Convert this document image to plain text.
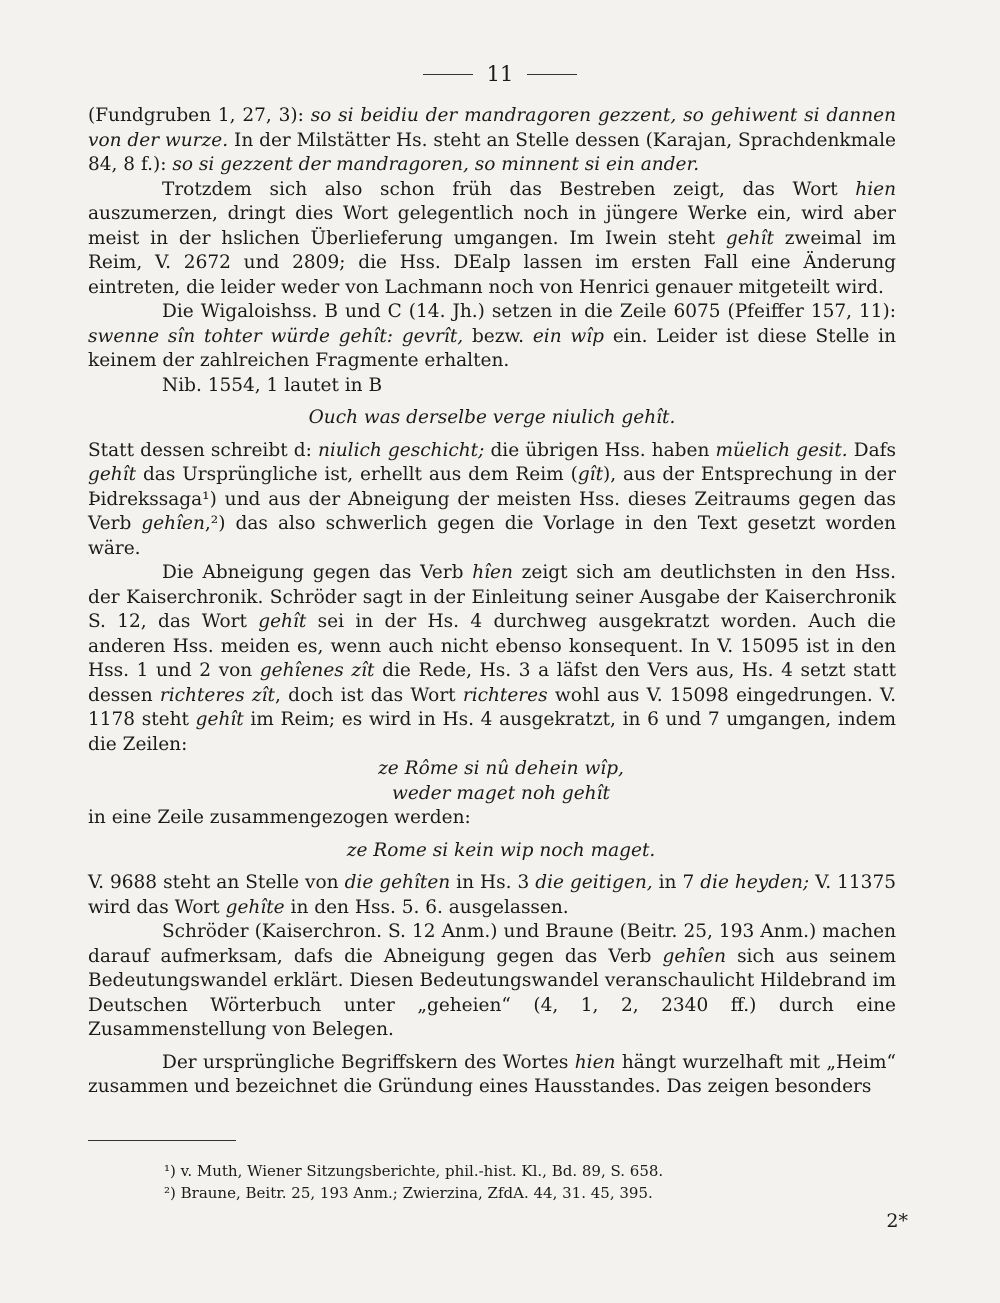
11

(Fundgruben 1, 27, 3): so si beidiu der mandragoren gezzent, so gehiwent si dannen von der wurze. In der Milstätter Hs. steht an Stelle dessen (Karajan, Sprachdenkmale 84, 8 f.): so si gezzent der mandragoren, so minnent si ein ander.

Trotzdem sich also schon früh das Bestreben zeigt, das Wort hien auszumerzen, dringt dies Wort gelegentlich noch in jüngere Werke ein, wird aber meist in der hslichen Überlieferung umgangen. Im Iwein steht gehît zweimal im Reim, V. 2672 und 2809; die Hss. DEalp lassen im ersten Fall eine Änderung eintreten, die leider weder von Lachmann noch von Henrici genauer mitgeteilt wird.

Die Wigaloishss. B und C (14. Jh.) setzen in die Zeile 6075 (Pfeiffer 157, 11): swenne sîn tohter würde gehît: gevrît, bezw. ein wîp ein. Leider ist diese Stelle in keinem der zahlreichen Fragmente erhalten.

Nib. 1554, 1 lautet in B

Ouch was derselbe verge niulich gehît.

Statt dessen schreibt d: niulich geschicht; die übrigen Hss. haben müelich gesit. Dafs gehît das Ursprüngliche ist, erhellt aus dem Reim (gît), aus der Entsprechung in der Þidrekssaga¹) und aus der Abneigung der meisten Hss. dieses Zeitraums gegen das Verb gehîen,²) das also schwerlich gegen die Vorlage in den Text gesetzt worden wäre.

Die Abneigung gegen das Verb hîen zeigt sich am deutlichsten in den Hss. der Kaiserchronik. Schröder sagt in der Einleitung seiner Ausgabe der Kaiserchronik S. 12, das Wort gehît sei in der Hs. 4 durchweg ausgekratzt worden. Auch die anderen Hss. meiden es, wenn auch nicht ebenso konsequent. In V. 15095 ist in den Hss. 1 und 2 von gehîenes zît die Rede, Hs. 3 a läfst den Vers aus, Hs. 4 setzt statt dessen richteres zît, doch ist das Wort richteres wohl aus V. 15098 eingedrungen. V. 1178 steht gehît im Reim; es wird in Hs. 4 ausgekratzt, in 6 und 7 umgangen, indem die Zeilen:

ze Rôme si nû dehein wîp,

weder maget noh gehît

in eine Zeile zusammengezogen werden:

ze Rome si kein wip noch maget.

V. 9688 steht an Stelle von die gehîten in Hs. 3 die geitigen, in 7 die heyden; V. 11375 wird das Wort gehîte in den Hss. 5. 6. ausgelassen.

Schröder (Kaiserchron. S. 12 Anm.) und Braune (Beitr. 25, 193 Anm.) machen darauf aufmerksam, dafs die Abneigung gegen das Verb gehîen sich aus seinem Bedeutungswandel erklärt. Diesen Bedeutungswandel veranschaulicht Hildebrand im Deutschen Wörterbuch unter „geheien“ (4, 1, 2, 2340 ff.) durch eine Zusammenstellung von Belegen.

Der ursprüngliche Begriffskern des Wortes hien hängt wurzelhaft mit „Heim“ zusammen und bezeichnet die Gründung eines Hausstandes. Das zeigen besonders

¹) v. Muth, Wiener Sitzungsberichte, phil.-hist. Kl., Bd. 89, S. 658.

²) Braune, Beitr. 25, 193 Anm.; Zwierzina, ZfdA. 44, 31. 45, 395.

2*
